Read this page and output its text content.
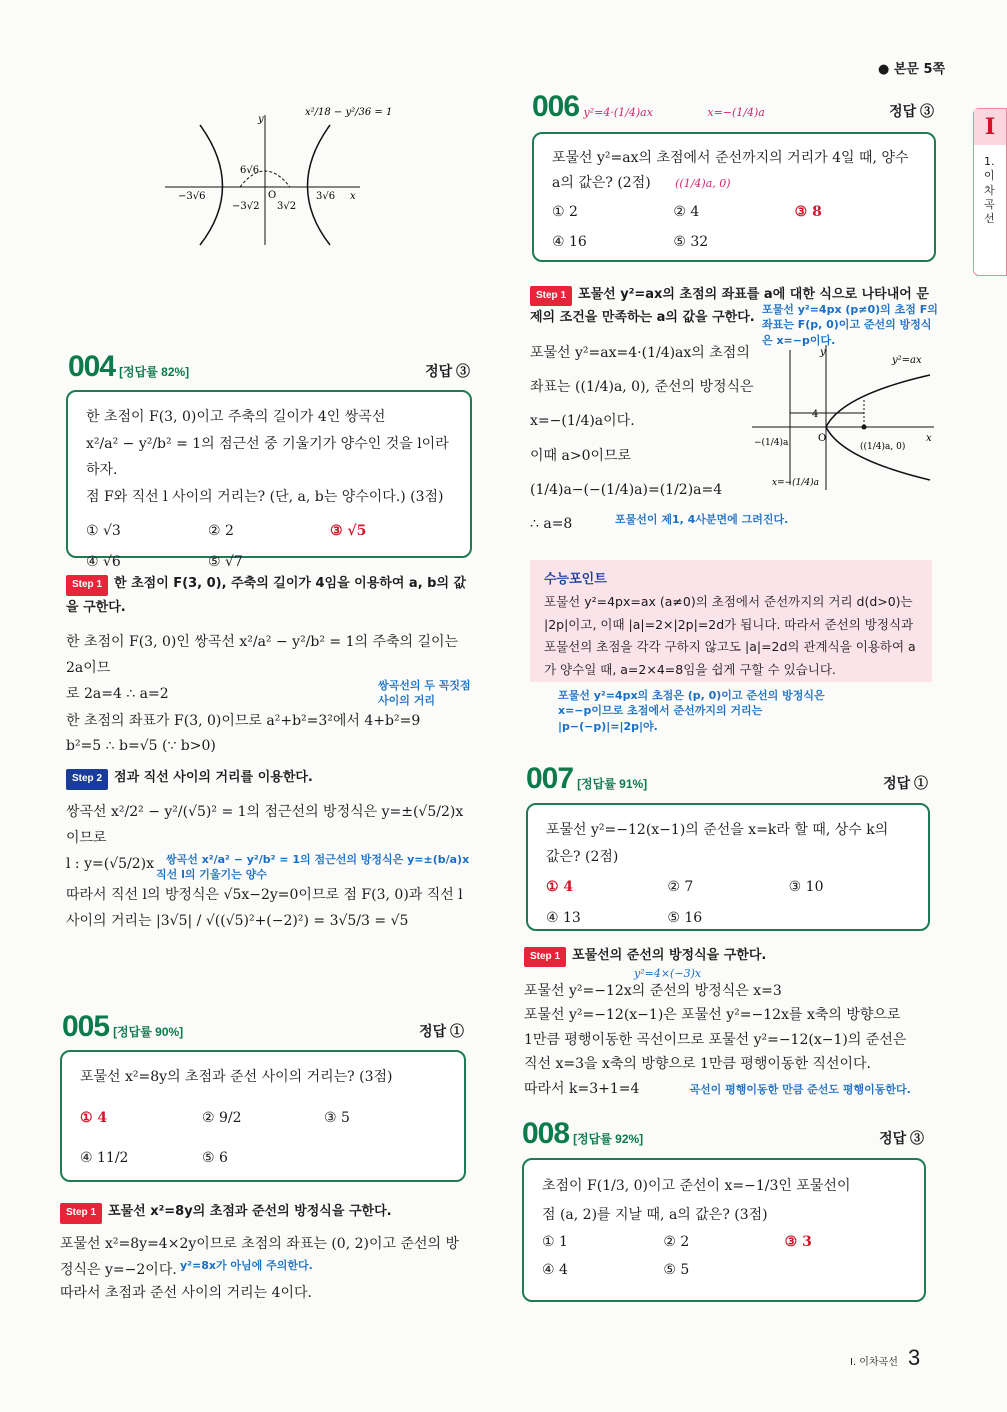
● 본문 5쪽
I
1. 이 차 곡 선
y
x
O
6√6
−3√6
−3√2 3√2
3√6
x²/18 − y²/36 = 1
004 [정답률 82%]	정답 ③
한 초점이 F(3, 0)이고 주축의 길이가 4인 쌍곡선
x²/a² − y²/b² = 1의 점근선 중 기울기가 양수인 것을 l이라 하자.
점 F와 직선 l 사이의 거리는? (단, a, b는 양수이다.) (3점)
① √3	② 2	③ √5
④ √6	⑤ √7
Step 1 한 초점이 F(3, 0), 주축의 길이가 4임을 이용하여 a, b의 값을 구한다.
한 초점이 F(3, 0)인 쌍곡선 x²/a² − y²/b² = 1의 주축의 길이는 2a이므
로 2a=4 ∴ a=2
쌍곡선의 두 꼭짓점 사이의 거리
한 초점의 좌표가 F(3, 0)이므로 a²+b²=3²에서 4+b²=9
b²=5 ∴ b=√5 (∵ b>0)
Step 2 점과 직선 사이의 거리를 이용한다.
쌍곡선 x²/2² − y²/(√5)² = 1의 점근선의 방정식은 y=±(√5/2)x이므로
l : y=(√5/2)x	쌍곡선 x²/a² − y²/b² = 1의 점근선의 방정식은 y=±(b/a)x
직선 l의 기울기는 양수
따라서 직선 l의 방정식은 √5x−2y=0이므로 점 F(3, 0)과 직선 l
사이의 거리는 |3√5| / √((√5)²+(−2)²) = 3√5/3 = √5
005 [정답률 90%]	정답 ①
포물선 x²=8y의 초점과 준선 사이의 거리는? (3점)
① 4	② 9/2	③ 5
④ 11/2	⑤ 6
Step 1 포물선 x²=8y의 초점과 준선의 방정식을 구한다.
포물선 x²=8y=4×2y이므로 초점의 좌표는 (0, 2)이고 준선의 방
정식은 y=−2이다. y²=8x가 아님에 주의한다.
따라서 초점과 준선 사이의 거리는 4이다.
006 y²=4·(1/4)ax	x=−(1/4)a	정답 ③
포물선 y²=ax의 초점에서 준선까지의 거리가 4일 때, 양수
a의 값은? (2점) ((1/4)a, 0)
① 2	② 4	③ 8
④ 16	⑤ 32
Step 1 포물선 y²=ax의 초점의 좌표를 a에 대한 식으로 나타내어 문제의 조건을 만족하는 a의 값을 구한다.
포물선 y²=ax=4·(1/4)ax의 초점의
좌표는 ((1/4)a, 0), 준선의 방정식은
x=−(1/4)a이다.
이때 a>0이므로
(1/4)a−(−(1/4)a)=(1/2)a=4
∴ a=8
포물선 y²=4px (p≠0)의 초점 F의 좌표는 F(p, 0)이고 준선의 방정식은 x=−p이다.
포물선이 제1, 4사분면에 그려진다.
y
x
O
y²=ax
4
−(1/4)a	((1/4)a, 0)
x=−(1/4)a
수능포인트
포물선 y²=4px=ax (a≠0)의 초점에서 준선까지의 거리 d(d>0)는 |2p|이고, 이때 |a|=2×|2p|=2d가 됩니다. 따라서 준선의 방정식과 포물선의 초점을 각각 구하지 않고도 |a|=2d의 관계식을 이용하여 a가 양수일 때, a=2×4=8임을 쉽게 구할 수 있습니다.
포물선 y²=4px의 초점은 (p, 0)이고 준선의 방정식은
x=−p이므로 초점에서 준선까지의 거리는
|p−(−p)|=|2p|야.
007 [정답률 91%]	정답 ①
포물선 y²=−12(x−1)의 준선을 x=k라 할 때, 상수 k의
값은? (2점)
① 4	② 7	③ 10
④ 13	⑤ 16
Step 1 포물선의 준선의 방정식을 구한다.
y²=4×(−3)x
포물선 y²=−12x의 준선의 방정식은 x=3
포물선 y²=−12(x−1)은 포물선 y²=−12x를 x축의 방향으로
1만큼 평행이동한 곡선이므로 포물선 y²=−12(x−1)의 준선은
직선 x=3을 x축의 방향으로 1만큼 평행이동한 직선이다.
따라서 k=3+1=4	곡선이 평행이동한 만큼 준선도 평행이동한다.
008 [정답률 92%]	정답 ③
초점이 F(1/3, 0)이고 준선이 x=−1/3인 포물선이
점 (a, 2)를 지날 때, a의 값은? (3점)
① 1	② 2	③ 3
④ 4	⑤ 5
I. 이차곡선 3
